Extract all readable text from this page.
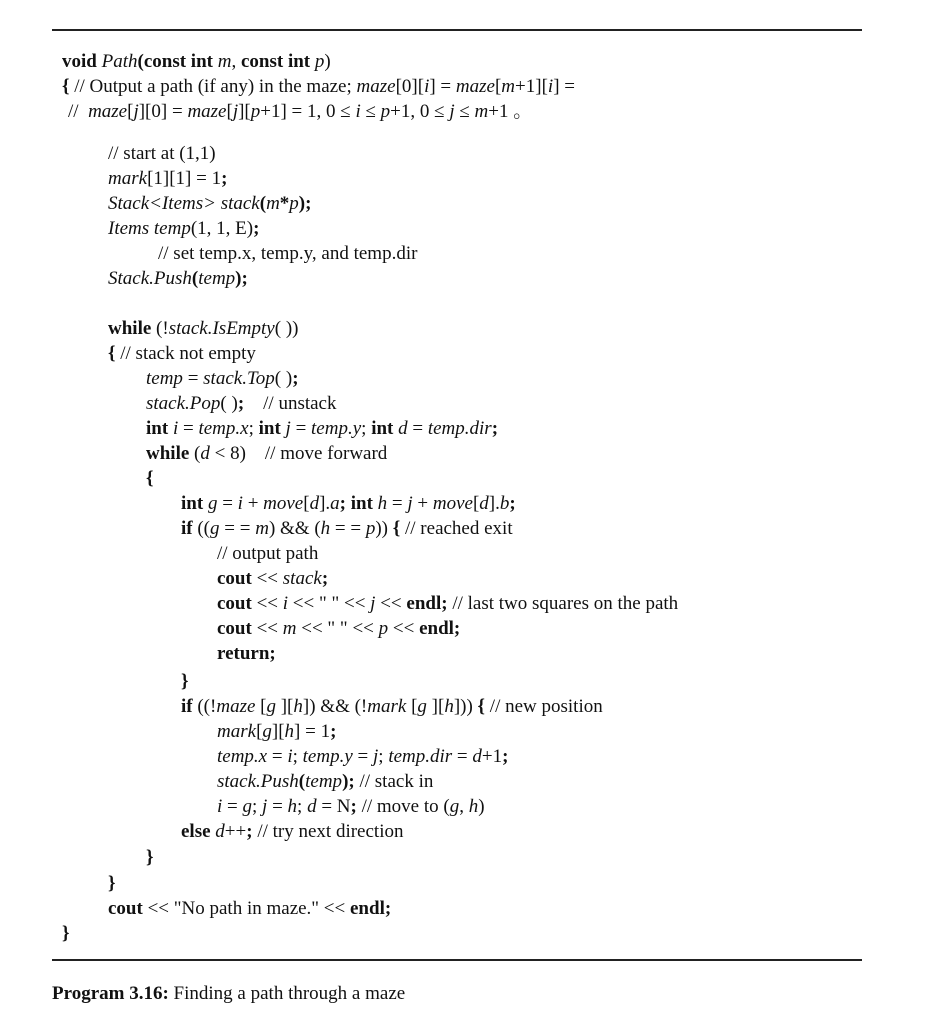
void Path(const int m, const int p)
{ // Output a path (if any) in the maze; maze[0][i] = maze[m+1][i] =
//  maze[j][0] = maze[j][p+1] = 1, 0 ≤ i ≤ p+1, 0 ≤ j ≤ m+1 。
// start at (1,1)
mark[1][1] = 1;
Stack<Items> stack(m*p);
Items temp(1, 1, E);
// set temp.x, temp.y, and temp.dir
Stack.Push(temp);
while (!stack.IsEmpty( ))
{ // stack not empty
temp = stack.Top( );
stack.Pop( );    // unstack
int i = temp.x; int j = temp.y; int d = temp.dir;
while (d < 8)    // move forward
{
int g = i + move[d].a; int h = j + move[d].b;
if ((g = = m) && (h = = p)) { // reached exit
// output path
cout << stack;
cout << i << " " << j << endl; // last two squares on the path
cout << m << " " << p << endl;
return;
}
if ((!maze [g ][h]) && (!mark [g ][h])) { // new position
mark[g][h] = 1;
temp.x = i; temp.y = j; temp.dir = d+1;
stack.Push(temp); // stack in
i = g; j = h; d = N; // move to (g, h)
else d++; // try next direction
}
}
cout << "No path in maze." << endl;
}
Program 3.16: Finding a path through a maze
